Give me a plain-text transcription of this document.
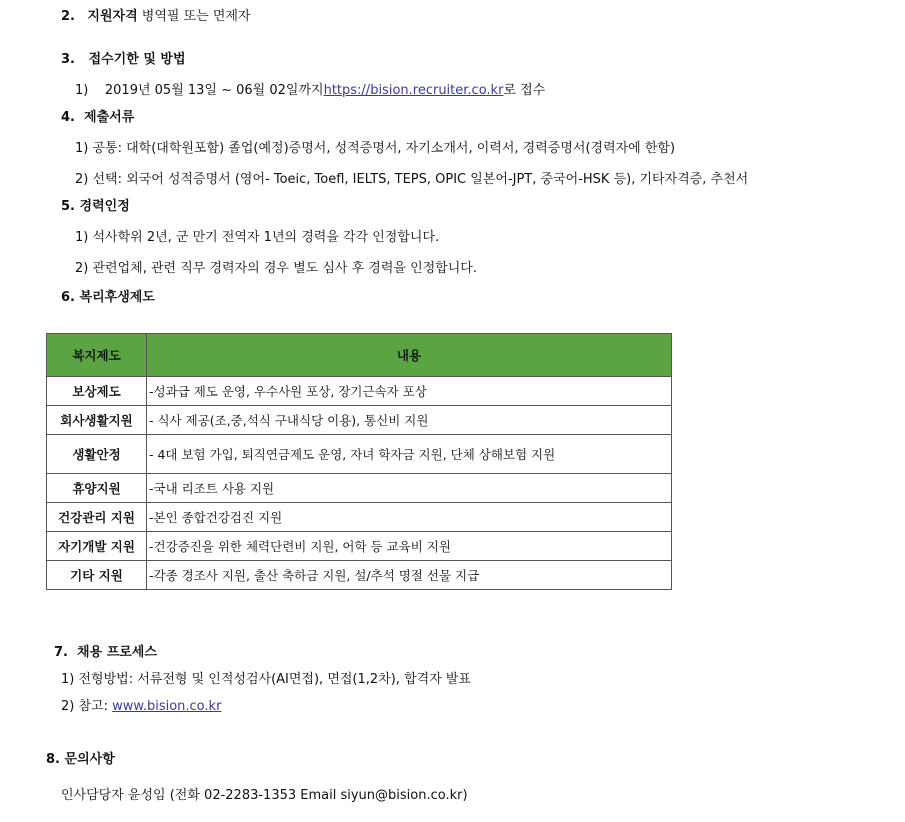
2. 지원자격 병역필 또는 면제자
3. 접수기한 및 방법
1) 2019년 05월 13일 ~ 06월 02일까지https://bision.recruiter.co.kr로 접수
4. 제출서류
1) 공통: 대학(대학원포함) 졸업(예정)증명서, 성적증명서, 자기소개서, 이력서, 경력증명서(경력자에 한함)
2) 선택: 외국어 성적증명서 (영어- Toeic, Toefl, IELTS, TEPS, OPIC 일본어-JPT, 중국어-HSK 등), 기타자격증, 추천서
5. 경력인정
1) 석사학위 2년, 군 만기 전역자 1년의 경력을 각각 인정합니다.
2) 관련업체, 관련 직무 경력자의 경우 별도 심사 후 경력을 인정합니다.
6. 복리후생제도
복지제도	내용
보상제도	-성과급 제도 운영, 우수사원 포상, 장기근속자 포상
회사생활지원	- 식사 제공(조,중,석식 구내식당 이용), 통신비 지원
생활안정	- 4대 보험 가입, 퇴직연금제도 운영, 자녀 학자금 지원, 단체 상해보험 지원
휴양지원	-국내 리조트 사용 지원
건강관리 지원	-본인 종합건강검진 지원
자기개발 지원	-건강증진을 위한 체력단련비 지원, 어학 등 교육비 지원
기타 지원	-각종 경조사 지원, 출산 축하금 지원, 설/추석 명절 선물 지급
7. 채용 프로세스
1) 전형방법: 서류전형 및 인적성검사(AI면접), 면접(1,2차), 합격자 발표
2) 참고: www.bision.co.kr
8. 문의사항
인사담당자 윤성임 (전화 02-2283-1353 Email siyun@bision.co.kr)
